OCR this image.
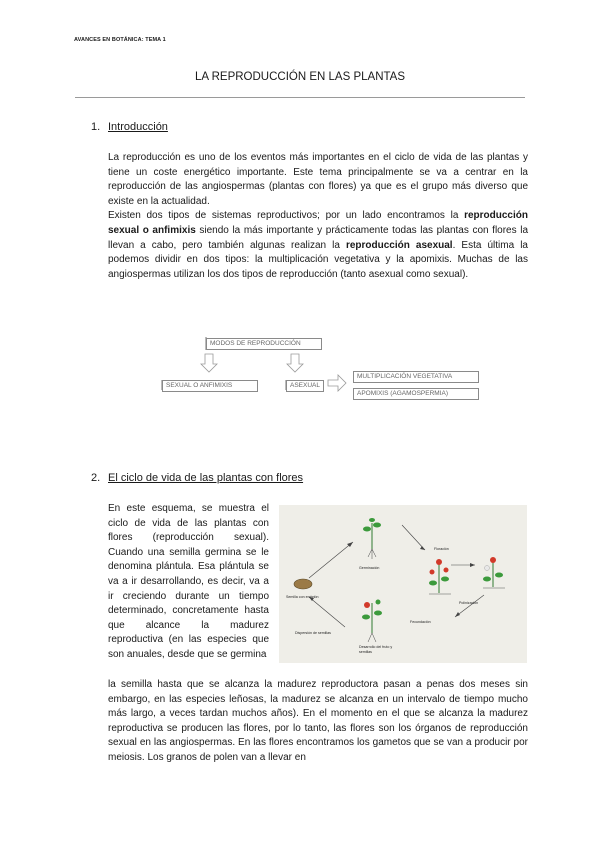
AVANCES EN BOTÁNICA: TEMA 1
LA REPRODUCCIÓN EN LAS PLANTAS
1. Introducción

La reproducción es uno de los eventos más importantes en el ciclo de vida de las plantas y tiene un coste energético importante. Este tema principalmente se va a centrar en la reproducción de las angiospermas (plantas con flores) ya que es el grupo más diverso que existe en la actualidad.

Existen dos tipos de sistemas reproductivos; por un lado encontramos la reproducción sexual o anfimixis siendo la más importante y prácticamente todas las plantas con flores la llevan a cabo, pero también algunas realizan la reproducción asexual. Esta última la podemos dividir en dos tipos: la multiplicación vegetativa y la apomixis. Muchas de las angiospermas utilizan los dos tipos de reproducción (tanto asexual como sexual).

MODOS DE REPRODUCCIÓN
SEXUAL O ANFIMIXIS	ASEXUAL
MULTIPLICACIÓN VEGETATIVA
APOMIXIS (AGAMOSPERMIA)
2. El ciclo de vida de las plantas con flores

En este esquema, se muestra el ciclo de vida de las plantas con flores (reproducción sexual). Cuando una semilla germina se le denomina plántula. Esa plántula se va a ir desarrollando, es decir, va a ir creciendo durante un tiempo determinado, concretamente hasta que alcance la madurez reproductiva (en las especies que son anuales, desde que se germina

Germinación
Floración
Semilla con embrión
Polinización
Fecundación
Dispersión de semillas
Desarrollo del fruto y semillas

la semilla hasta que se alcanza la madurez reproductora pasan a penas dos meses sin embargo, en las especies leñosas, la madurez se alcanza en un intervalo de tiempo mucho más largo, a veces tardan muchos años). En el momento en el que se alcanza la madurez reproductiva se producen las flores, por lo tanto, las flores son los órganos de reproducción sexual en las angiospermas. En las flores encontramos los gametos que se van a producir por meiosis. Los granos de polen van a llevar en
